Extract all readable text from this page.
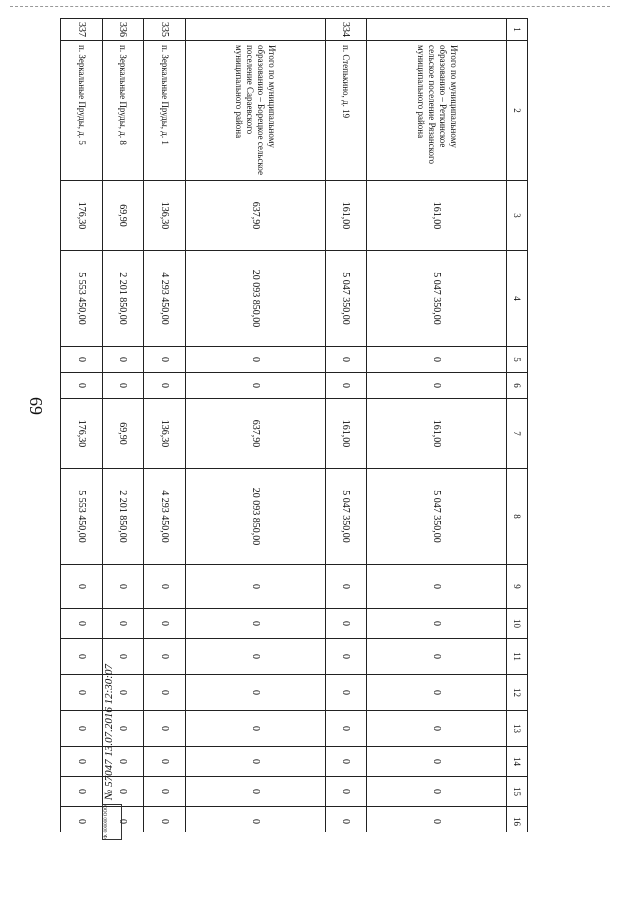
69
1	2	3	4	5	6	7	8	9	10	11	12	13	14	15	16
	Итого по муниципальному образованию – Реткинское сельское поселение Рязанского муниципального района	161,00	5 047 350,00	0	0	161,00	5 047 350,00	0	0	0	0	0	0	0	0
334	п. Степькино, д. 19	161,00	5 047 350,00	0	0	161,00	5 047 350,00	0	0	0	0	0	0	0	0
	Итого по муниципальному образованию – Борецкое сельское поселение Сараевского муниципального района	637,90	20 093 850,00	0	0	637,90	20 093 850,00	0	0	0	0	0	0	0	0
335	п. Зеркальные Пруды, д. 1	136,30	4 293 450,00	0	0	136,30	4 293 450,00	0	0	0	0	0	0	0	0
336	п. Зеркальные Пруды, д. 8	69,90	2 201 850,00	0	0	69,90	2 201 850,00	0	0	0	0	0	0	0	0
337	п. Зеркальные Пруды, д. 5	176,30	5 553 450,00	0	0	176,30	5 553 450,00	0	0	0	0	0	0	0	0	Ф. 000000 ООО
№ 57047 13.07.2016 12:30:07
